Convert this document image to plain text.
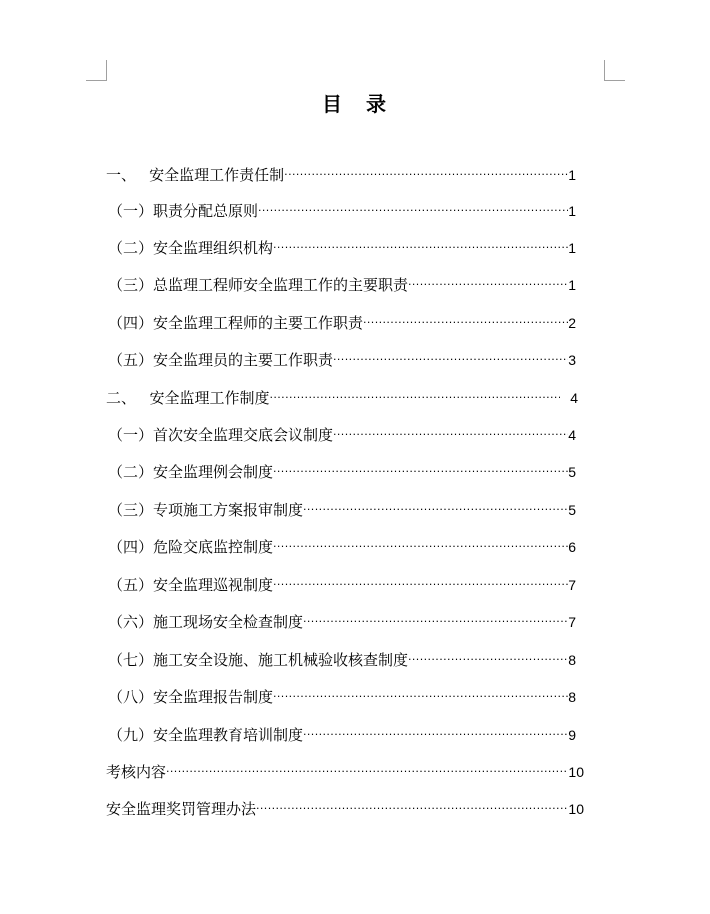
目 录
一、 安全监理工作责任制 ·····	1
（一）职责分配总原则 ·····	1
（二）安全监理组织机构 ·····	1
（三）总监理工程师安全监理工作的主要职责 ·····	1
（四）安全监理工程师的主要工作职责 ·····	2
（五）安全监理员的主要工作职责 ·····	3
二、 安全监理工作制度 ·····	4
（一）首次安全监理交底会议制度 ·····	4
（二）安全监理例会制度 ·····	5
（三）专项施工方案报审制度 ·····	5
（四）危险交底监控制度 ·····	6
（五）安全监理巡视制度 ·····	7
（六）施工现场安全检查制度 ·····	7
（七）施工安全设施、施工机械验收核查制度 ·····	8
（八）安全监理报告制度 ·····	8
（九）安全监理教育培训制度 ·····	9
考核内容 ·····	10
安全监理奖罚管理办法 ·····	10
